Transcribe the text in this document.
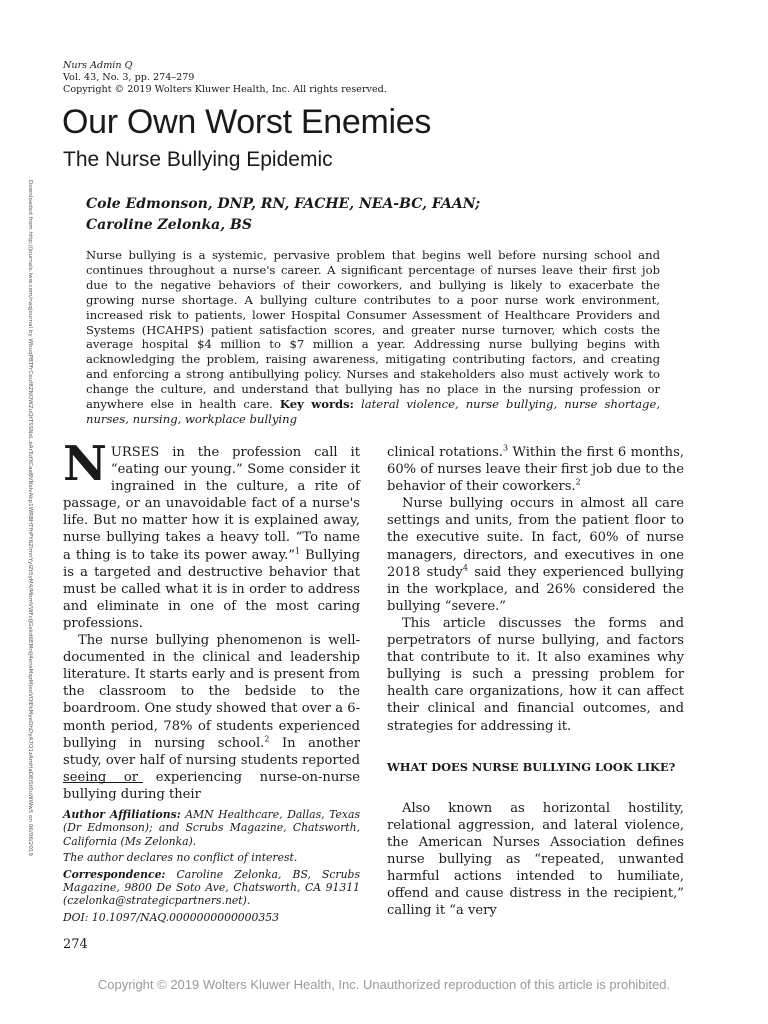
Nurs Admin Q
Vol. 43, No. 3, pp. 274–279
Copyright © 2019 Wolters Kluwer Health, Inc. All rights reserved.
Our Own Worst Enemies
The Nurse Bullying Epidemic
Cole Edmonson, DNP, RN, FACHE, NEA-BC, FAAN;
Caroline Zelonka, BS
Nurse bullying is a systemic, pervasive problem that begins well before nursing school and continues throughout a nurse's career. A significant percentage of nurses leave their first job due to the negative behaviors of their coworkers, and bullying is likely to exacerbate the growing nurse shortage. A bullying culture contributes to a poor nurse work environment, increased risk to patients, lower Hospital Consumer Assessment of Healthcare Providers and Systems (HCAHPS) patient satisfaction scores, and greater nurse turnover, which costs the average hospital $4 million to $7 million a year. Addressing nurse bullying begins with acknowledging the problem, raising awareness, mitigating contributing factors, and creating and enforcing a strong antibullying policy. Nurses and stakeholders also must actively work to change the culture, and understand that bullying has no place in the nursing profession or anywhere else in health care. Key words: lateral violence, nurse bullying, nurse shortage, nurses, nursing, workplace bullying
Downloaded from http://journals.lww.com/naqjournal by WbuqPBTFrCouf8ZNQWZuQtTSSNsL.oArTufXCaeBVNslvAkp1WRBHTfhPY6ZlmnYyIZt5yM4/MbmVWFcIJGxkd6EMnlJ4ensMqzMjeoVOlEkMyeDhDyA7Q1zAmHaDEiSt0uWWw5 on 06/06/2019 NURSES in the profession call it “eating our young.” Some consider it ingrained in the culture, a rite of passage, or an unavoidable fact of a nurse's life. But no matter how it is explained away, nurse bullying takes a heavy toll. “To name a thing is to take its power away.”$^1$ Bullying is a targeted and destructive behavior that must be called what it is in order to address and eliminate in one of the most caring professions.

The nurse bullying phenomenon is well-documented in the clinical and leadership literature. It starts early and is present from the classroom to the bedside to the boardroom. One study showed that over a 6-month period, 78% of students experienced bullying in nursing school.$^2$ In another study, over half of nursing students reported seeing or experiencing nurse-on-nurse bullying during their

clinical rotations.$^3$ Within the first 6 months, 60% of nurses leave their first job due to the behavior of their coworkers.$^2$

Nurse bullying occurs in almost all care settings and units, from the patient floor to the executive suite. In fact, 60% of nurse managers, directors, and executives in one 2018 study$^4$ said they experienced bullying in the workplace, and 26% considered the bullying “severe.”

This article discusses the forms and perpetrators of nurse bullying, and factors that contribute to it. It also examines why bullying is such a pressing problem for health care organizations, how it can affect their clinical and financial outcomes, and strategies for addressing it.

WHAT DOES NURSE BULLYING LOOK LIKE?

Also known as horizontal hostility, relational aggression, and lateral violence, the American Nurses Association defines nurse bullying as “repeated, unwanted harmful actions intended to humiliate, offend and cause distress in the recipient,” calling it “a very

Author Affiliations: AMN Healthcare, Dallas, Texas (Dr Edmonson); and Scrubs Magazine, Chatsworth, California (Ms Zelonka).

The author declares no conflict of interest.

Correspondence: Caroline Zelonka, BS, Scrubs Magazine, 9800 De Soto Ave, Chatsworth, CA 91311 (czelonka@strategicpartners.net).

DOI: 10.1097/NAQ.0000000000000353

274
Copyright © 2019 Wolters Kluwer Health, Inc. Unauthorized reproduction of this article is prohibited.
